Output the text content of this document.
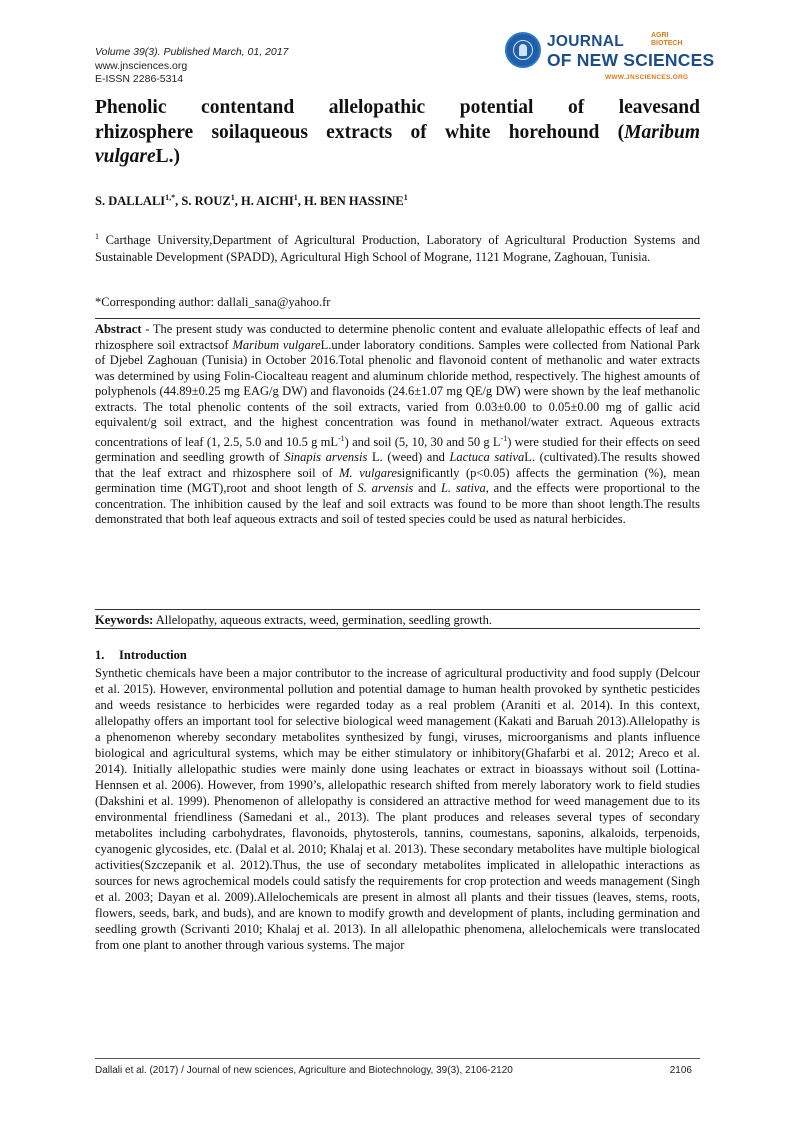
Volume 39(3). Published March, 01, 2017
www.jnsciences.org
E-ISSN 2286-5314
JOURNAL	AGRI
BIOTECH
OF NEW SCIENCES
WWW.JNSCIENCES.ORG
Phenolic contentand allelopathic potential of leavesand
rhizosphere soilaqueous extracts of white horehound (Maribum vulgareL.)
S. $DALLALI^{1,*}$, S. ROUZ$^1$, H. AICHI$^1$, H. BEN HASSINE$^1$
$^1$ Carthage University,Department of Agricultural Production, Laboratory of Agricultural Production Systems and Sustainable Development (SPADD), Agricultural High School of Mograne, 1121 Mograne, Zaghouan, Tunisia.
*Corresponding author: dallali_sana@yahoo.fr
Abstract - The present study was conducted to determine phenolic content and evaluate allelopathic effects of leaf and rhizosphere soil extractsof Maribum vulgareL.under laboratory conditions. Samples were collected from National Park of Djebel Zaghouan (Tunisia) in October 2016.Total phenolic and flavonoid content of methanolic and water extracts was determined by using Folin-Ciocalteau reagent and aluminum chloride method, respectively. The highest amounts of polyphenols (44.89±0.25 mg EAG/g DW) and flavonoids (24.6±1.07 mg QE/g DW) were shown by the leaf methanolic extracts. The total phenolic contents of the soil extracts, varied from 0.03±0.00 to 0.05±0.00 mg of gallic acid equivalent/g soil extract, and the highest concentration was found in methanol/water extract. Aqueous extracts concentrations of leaf (1, 2.5, 5.0 and 10.5 g $mL^{-1}$) and soil (5, 10, 30 and 50 g $L^{-1}$) were studied for their effects on seed germination and seedling growth of Sinapis arvensis L. (weed) and Lactuca sativaL. (cultivated).The results showed that the leaf extract and rhizosphere soil of M. vulgaresignificantly (p<0.05) affects the germination (%), mean germination time (MGT),root and shoot length of S. arvensis and L. sativa, and the effects were proportional to the concentration. The inhibition caused by the leaf and soil extracts was found to be more than shoot length.The results demonstrated that both leaf aqueous extracts and soil of tested species could be used as natural herbicides.
Keywords: Allelopathy, aqueous extracts, weed, germination, seedling growth.
1. Introduction
Synthetic chemicals have been a major contributor to the increase of agricultural productivity and food supply (Delcour et al. 2015). However, environmental pollution and potential damage to human health provoked by synthetic pesticides and weeds resistance to herbicides were regarded today as a real problem (Araniti et al. 2014). In this context, allelopathy offers an important tool for selective biological weed management (Kakati and Baruah 2013).Allelopathy is a phenomenon whereby secondary metabolites synthesized by fungi, viruses, microorganisms and plants influence biological and agricultural systems, which may be either stimulatory or inhibitory(Ghafarbi et al. 2012; Areco et al. 2014). Initially allelopathic studies were mainly done using leachates or extract in bioassays without soil (Lottina-Hennsen et al. 2006). However, from 1990’s, allelopathic research shifted from merely laboratory work to field studies (Dakshini et al. 1999). Phenomenon of allelopathy is considered an attractive method for weed management due to its environmental friendliness (Samedani et al., 2013). The plant produces and releases several types of secondary metabolites including carbohydrates, flavonoids, phytosterols, tannins, coumestans, saponins, alkaloids, terpenoids, cyanogenic glycosides, etc. (Dalal et al. 2010; Khalaj et al. 2013). These secondary metabolites have multiple biological activities(Szczepanik et al. 2012).Thus, the use of secondary metabolites implicated in allelopathic interactions as sources for news agrochemical models could satisfy the requirements for crop protection and weeds management (Singh et al. 2003; Dayan et al. 2009).Allelochemicals are present in almost all plants and their tissues (leaves, stems, roots, flowers, seeds, bark, and buds), and are known to modify growth and development of plants, including germination and seedling growth (Scrivanti 2010; Khalaj et al. 2013). In all allelopathic phenomena, allelochemicals were translocated from one plant to another through various systems. The major
Dallali et al. (2017) / Journal of new sciences, Agriculture and Biotechnology, 39(3), 2106-2120	2106
